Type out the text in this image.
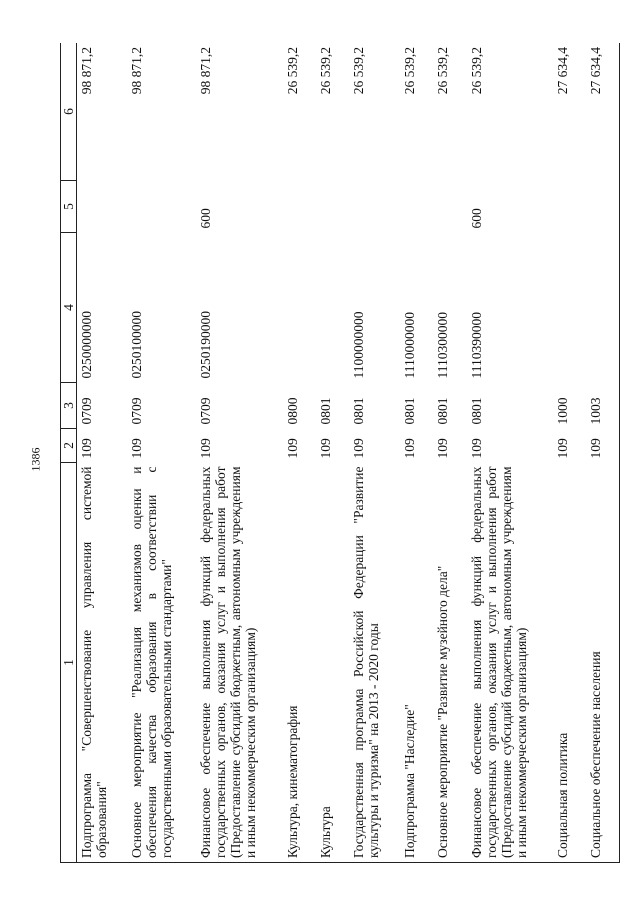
1386
1	2	3	4	5	6
Подпрограмма "Совершенствование управления системой образования"	109	0709	0250000000		98 871,2
Основное мероприятие "Реализация механизмов оценки и обеспечения качества образования в соответствии с государственными образовательными стандартами"	109	0709	0250100000		98 871,2
Финансовое обеспечение выполнения функций федеральных государственных органов, оказания услуг и выполнения работ (Предоставление субсидий бюджетным, автономным учреждениям и иным некоммерческим организациям)	109	0709	0250190000	600	98 871,2
Культура, кинематография	109	0800			26 539,2
Культура	109	0801			26 539,2
Государственная программа Российской Федерации "Развитие культуры и туризма" на 2013 - 2020 годы	109	0801	1100000000		26 539,2
Подпрограмма "Наследие"	109	0801	1110000000		26 539,2
Основное мероприятие "Развитие музейного дела"	109	0801	1110300000		26 539,2
Финансовое обеспечение выполнения функций федеральных государственных органов, оказания услуг и выполнения работ (Предоставление субсидий бюджетным, автономным учреждениям и иным некоммерческим организациям)	109	0801	1110390000	600	26 539,2
Социальная политика	109	1000			27 634,4
Социальное обеспечение населения	109	1003			27 634,4
